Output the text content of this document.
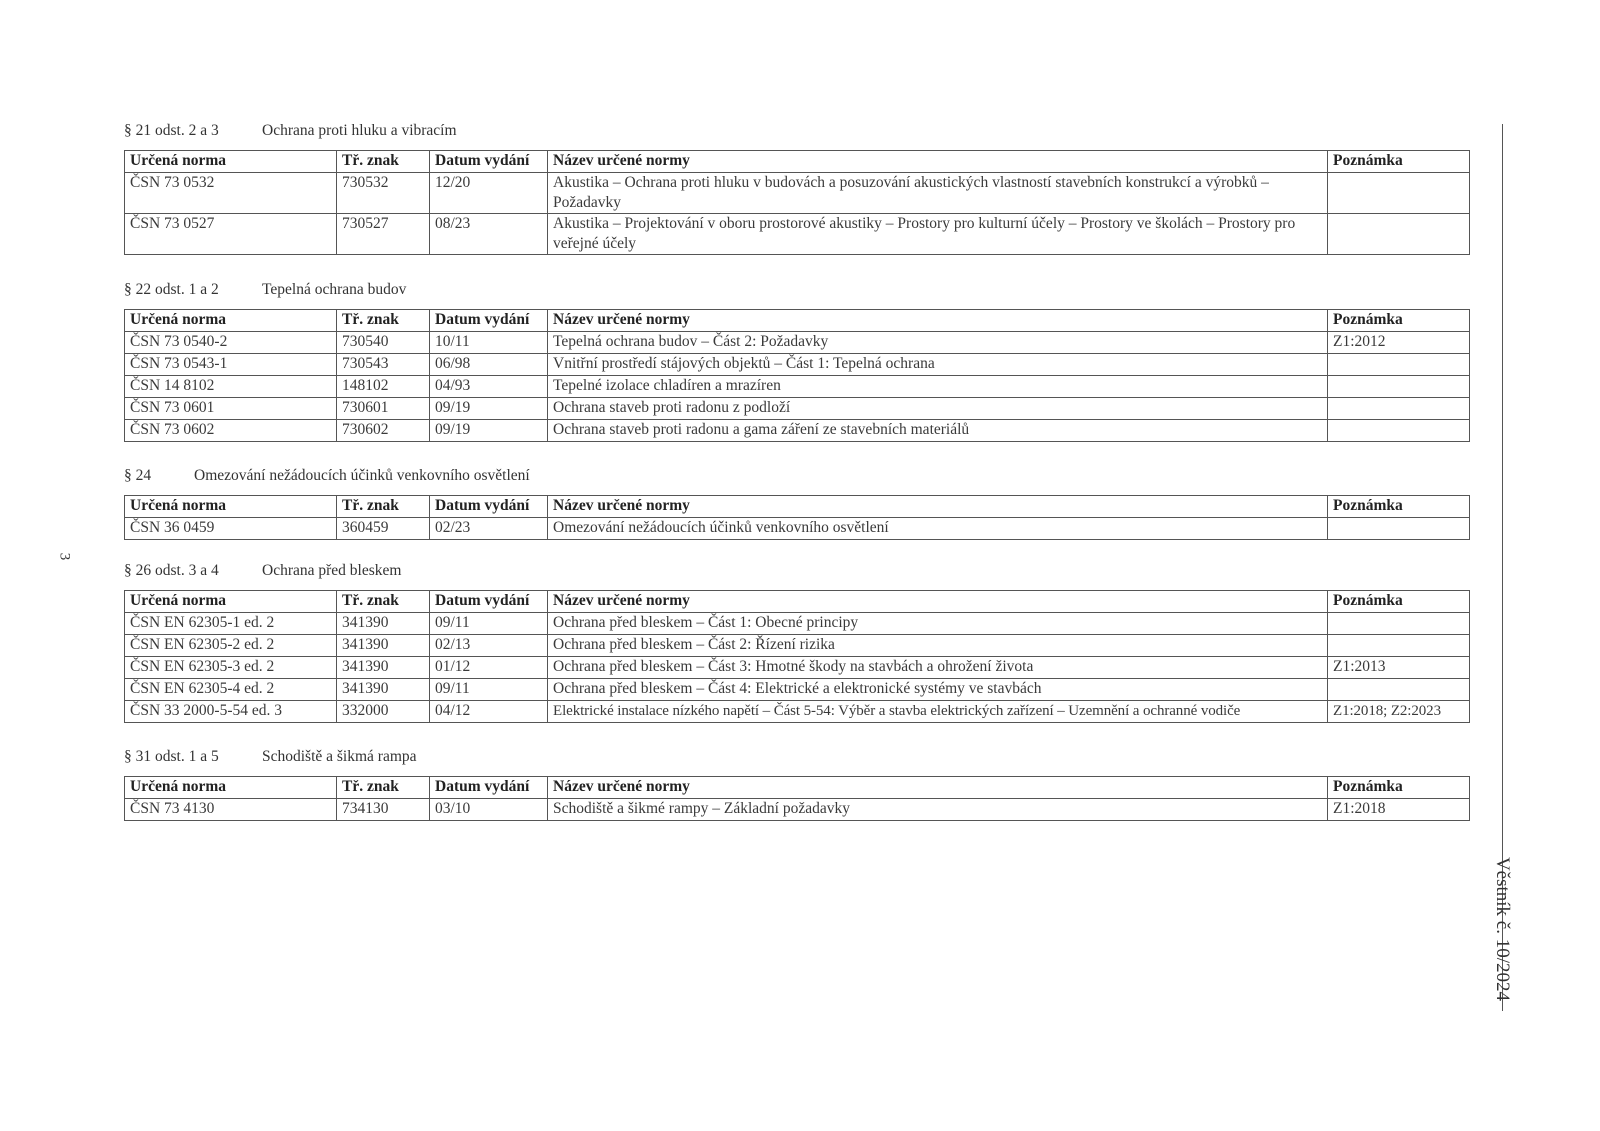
§ 21 odst. 2 a 3	Ochrana proti hluku a vibracím
Určená norma	Tř. znak	Datum vydání	Název určené normy	Poznámka
ČSN 73 0532	730532	12/20	Akustika – Ochrana proti hluku v budovách a posuzování akustických vlastností stavebních konstrukcí a výrobků – Požadavky	
ČSN 73 0527	730527	08/23	Akustika – Projektování v oboru prostorové akustiky – Prostory pro kulturní účely – Prostory ve školách – Prostory pro veřejné účely	
§ 22 odst. 1 a 2	Tepelná ochrana budov
Určená norma	Tř. znak	Datum vydání	Název určené normy	Poznámka
ČSN 73 0540-2	730540	10/11	Tepelná ochrana budov – Část 2: Požadavky	Z1:2012
ČSN 73 0543-1	730543	06/98	Vnitřní prostředí stájových objektů – Část 1: Tepelná ochrana	
ČSN 14 8102	148102	04/93	Tepelné izolace chladíren a mrazíren	
ČSN 73 0601	730601	09/19	Ochrana staveb proti radonu z podloží	
ČSN 73 0602	730602	09/19	Ochrana staveb proti radonu a gama záření ze stavebních materiálů	
§ 24	Omezování nežádoucích účinků venkovního osvětlení
Určená norma	Tř. znak	Datum vydání	Název určené normy	Poznámka
ČSN 36 0459	360459	02/23	Omezování nežádoucích účinků venkovního osvětlení	
§ 26 odst. 3 a 4	Ochrana před bleskem
Určená norma	Tř. znak	Datum vydání	Název určené normy	Poznámka
ČSN EN 62305-1 ed. 2	341390	09/11	Ochrana před bleskem – Část 1: Obecné principy	
ČSN EN 62305-2 ed. 2	341390	02/13	Ochrana před bleskem – Část 2: Řízení rizika	
ČSN EN 62305-3 ed. 2	341390	01/12	Ochrana před bleskem – Část 3: Hmotné škody na stavbách a ohrožení života	Z1:2013
ČSN EN 62305-4 ed. 2	341390	09/11	Ochrana před bleskem – Část 4: Elektrické a elektronické systémy ve stavbách	
ČSN 33 2000-5-54 ed. 3	332000	04/12	Elektrické instalace nízkého napětí – Část 5-54: Výběr a stavba elektrických zařízení – Uzemnění a ochranné vodiče	Z1:2018; Z2:2023
§ 31 odst. 1 a 5	Schodiště a šikmá rampa
Určená norma	Tř. znak	Datum vydání	Název určené normy	Poznámka
ČSN 73 4130	734130	03/10	Schodiště a šikmé rampy – Základní požadavky	Z1:2018
3
Věstník č. 10/2024
